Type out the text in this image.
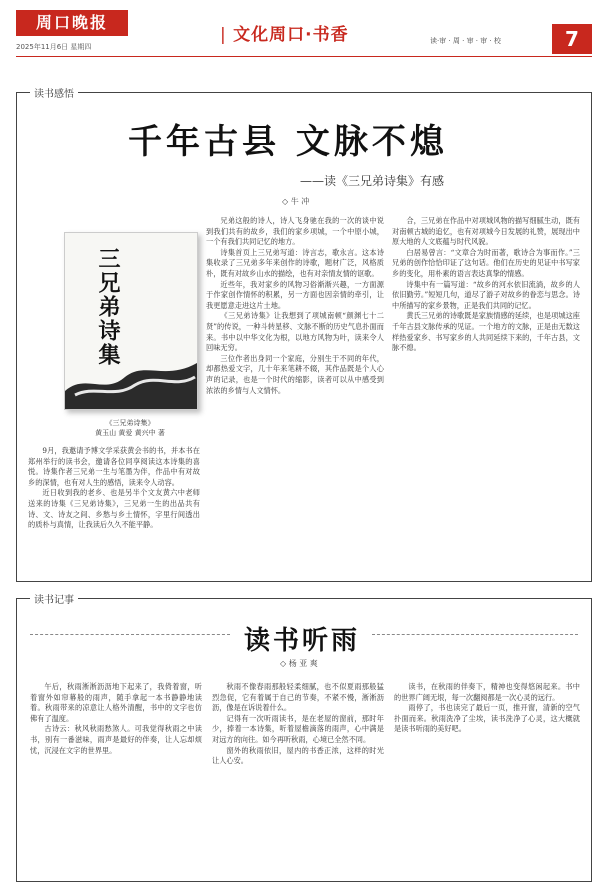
周口晚报
2025年11月6日 星期四
| 文化周口·书香	读·审 · 周 · 审 · 审 · 校	7
读书感悟
千年古县 文脉不熄
——读《三兄弟诗集》有感
◇ 牛 冲
三兄弟诗集
《三兄弟诗集》
黄玉山 黄爱 黄兴中 著

9月，我邀请予博文学采获黄会书的书，并本书在郑州举行的读书会，邀请各位同享阅读这本诗集的喜悦。诗集作者三兄弟一生与笔墨为伴，作品中有对故乡的深情，也有对人生的感悟，读来令人动容。

近日收到我的老乡、也是另半个文友黄六中老师送来的诗集《三兄弟诗集》，三兄弟一生的出品共有诗、文、诗友之间、乡愁与乡土情怀，字里行间透出的质朴与真情，让我读后久久不能平静。

兄弟这般的诗人，诗人飞身驰在我的一次的谈中说到我们共有的故乡，我们的家乡项城，一个中原小城，一个有我们共同记忆的地方。

诗集首页上三兄弟写道：诗言志，歌永言。这本诗集收录了三兄弟多年来创作的诗歌，题材广泛，风格质朴，既有对故乡山水的描绘，也有对亲情友情的讴歌。

近些年，我对家乡的风物习俗渐渐兴趣，一方面源于作家创作情怀的积累，另一方面也因亲情的牵引，让我更愿意走进这片土地。

《三兄弟诗集》让我想到了项城南顿“颜渊七十二贤”的传说，一种斗转星移、文脉不断的历史气息扑面而来。书中以中华文化为根，以地方风物为叶，读来令人回味无穷。

三位作者出身同一个家庭，分别生于不同的年代，却都热爱文字，几十年来笔耕不辍，其作品既是个人心声的记录，也是一个时代的缩影，读者可以从中感受到浓浓的乡情与人文情怀。

合，三兄弟在作品中对项城风物的描写细腻生动，既有对南顿古城的追忆，也有对项城今日发展的礼赞，展现出中原大地的人文底蕴与时代风貌。

白居易曾言：“文章合为时而著，歌诗合为事而作。”三兄弟的创作恰恰印证了这句话。他们在历史的见证中书写家乡的变化，用朴素的语言表达真挚的情感。

诗集中有一篇写道：“故乡的河水依旧流淌，故乡的人依旧勤劳。”短短几句，道尽了游子对故乡的眷恋与思念。诗中所描写的家乡景物，正是我们共同的记忆。

黄氏三兄弟的诗歌既是家族情感的延续，也是项城这座千年古县文脉传承的见证。一个地方的文脉，正是由无数这样热爱家乡、书写家乡的人共同延续下来的，千年古县，文脉不熄。

读书记事
读书听雨
◇ 杨 亚 爽

午后，秋雨淅淅沥沥地下起来了，我倚着窗，听着窗外如帘幕般的雨声，随手拿起一本书静静地读着。秋雨带来的凉意让人格外清醒，书中的文字也仿佛有了温度。

古诗云：秋风秋雨愁煞人。可我觉得秋雨之中读书，别有一番滋味，雨声是最好的伴奏，让人忘却烦忧，沉浸在文字的世界里。

秋雨不像春雨那般轻柔细腻，也不似夏雨那般猛烈急促，它有着属于自己的节奏，不紧不慢，淅淅沥沥，像是在诉说着什么。

记得有一次听雨读书，是在老屋的窗前，那时年少，捧着一本诗集，听着屋檐滴落的雨声，心中满是对远方的向往。如今再听秋雨，心境已全然不同。

窗外的秋雨依旧，屋内的书香正浓，这样的时光让人心安。

读书，在秋雨的伴奏下，精神也变得悠闲起来。书中的世界广阔无垠，每一次翻阅都是一次心灵的远行。

雨停了，书也读完了最后一页，推开窗，清新的空气扑面而来。秋雨洗净了尘埃，读书洗净了心灵，这大概就是读书听雨的美好吧。
